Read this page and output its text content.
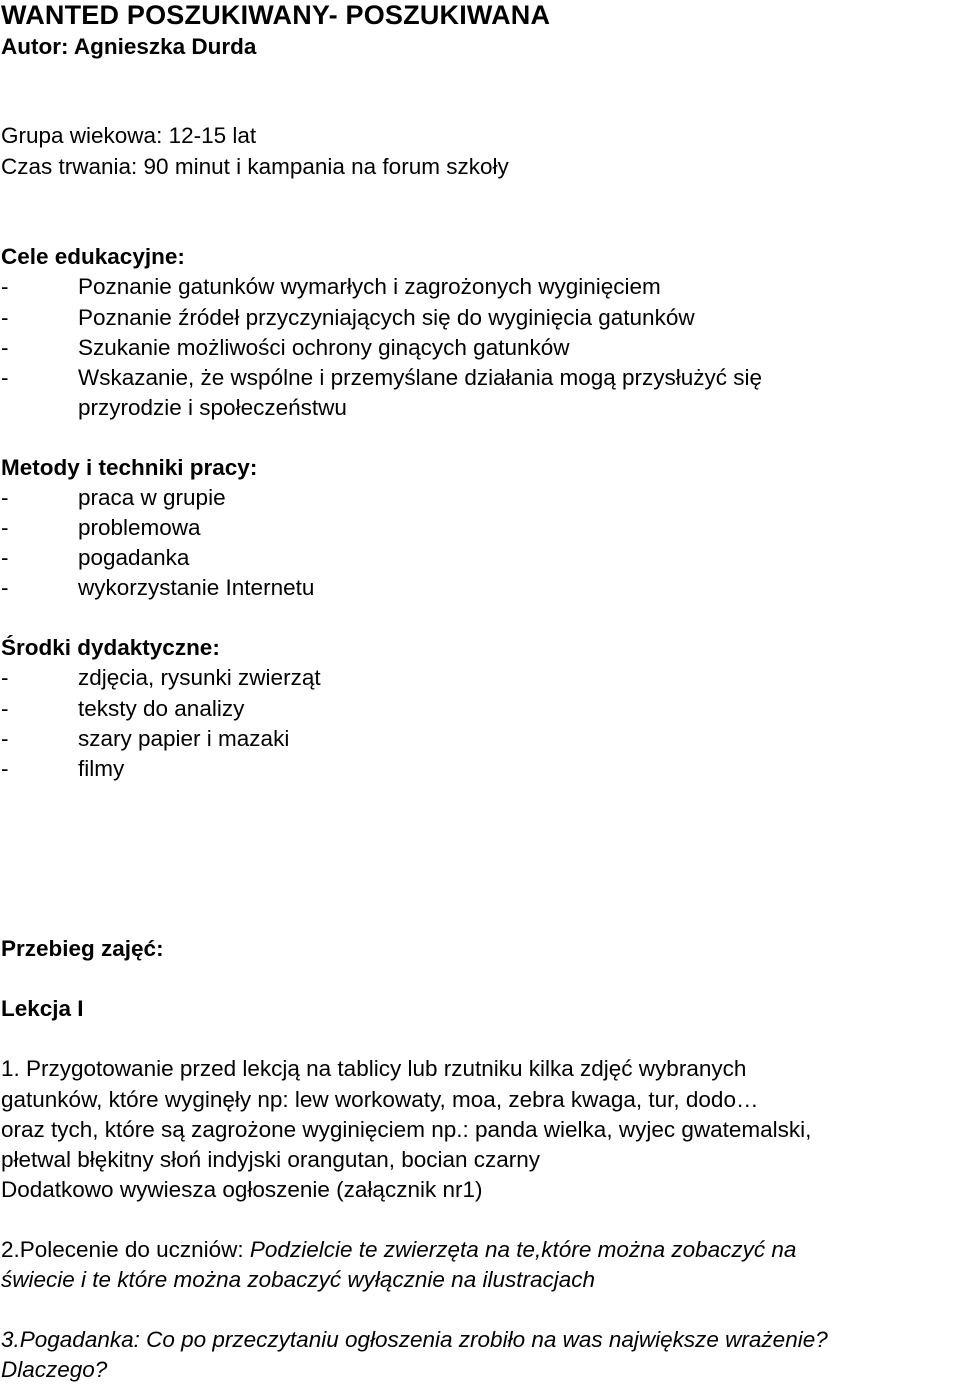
WANTED POSZUKIWANY- POSZUKIWANA
Autor: Agnieszka Durda
Grupa wiekowa: 12-15 lat
Czas trwania: 90 minut i kampania na forum szkoły
Cele edukacyjne:
-	Poznanie gatunków wymarłych i zagrożonych wyginięciem
-	Poznanie źródeł przyczyniających się do wyginięcia gatunków
-	Szukanie możliwości ochrony ginących gatunków
-	Wskazanie, że wspólne i przemyślane działania mogą przysłużyć się
przyrodzie i społeczeństwu
Metody i techniki pracy:
-	praca w grupie
-	problemowa
-	pogadanka
-	wykorzystanie Internetu
Środki dydaktyczne:
-	zdjęcia, rysunki zwierząt
-	teksty do analizy
-	szary papier i mazaki
-	filmy
Przebieg zajęć:
Lekcja I
1. Przygotowanie przed lekcją na tablicy lub rzutniku kilka zdjęć wybranych
gatunków, które wyginęły np: lew workowaty, moa, zebra kwaga, tur, dodo…
oraz tych, które są zagrożone wyginięciem np.: panda wielka, wyjec gwatemalski,
płetwal błękitny słoń indyjski orangutan, bocian czarny
Dodatkowo wywiesza ogłoszenie (załącznik nr1)
2.Polecenie do uczniów: Podzielcie te zwierzęta na te,które można zobaczyć na
świecie i te które można zobaczyć wyłącznie na ilustracjach
3.Pogadanka: Co po przeczytaniu ogłoszenia zrobiło na was największe wrażenie?
Dlaczego?
